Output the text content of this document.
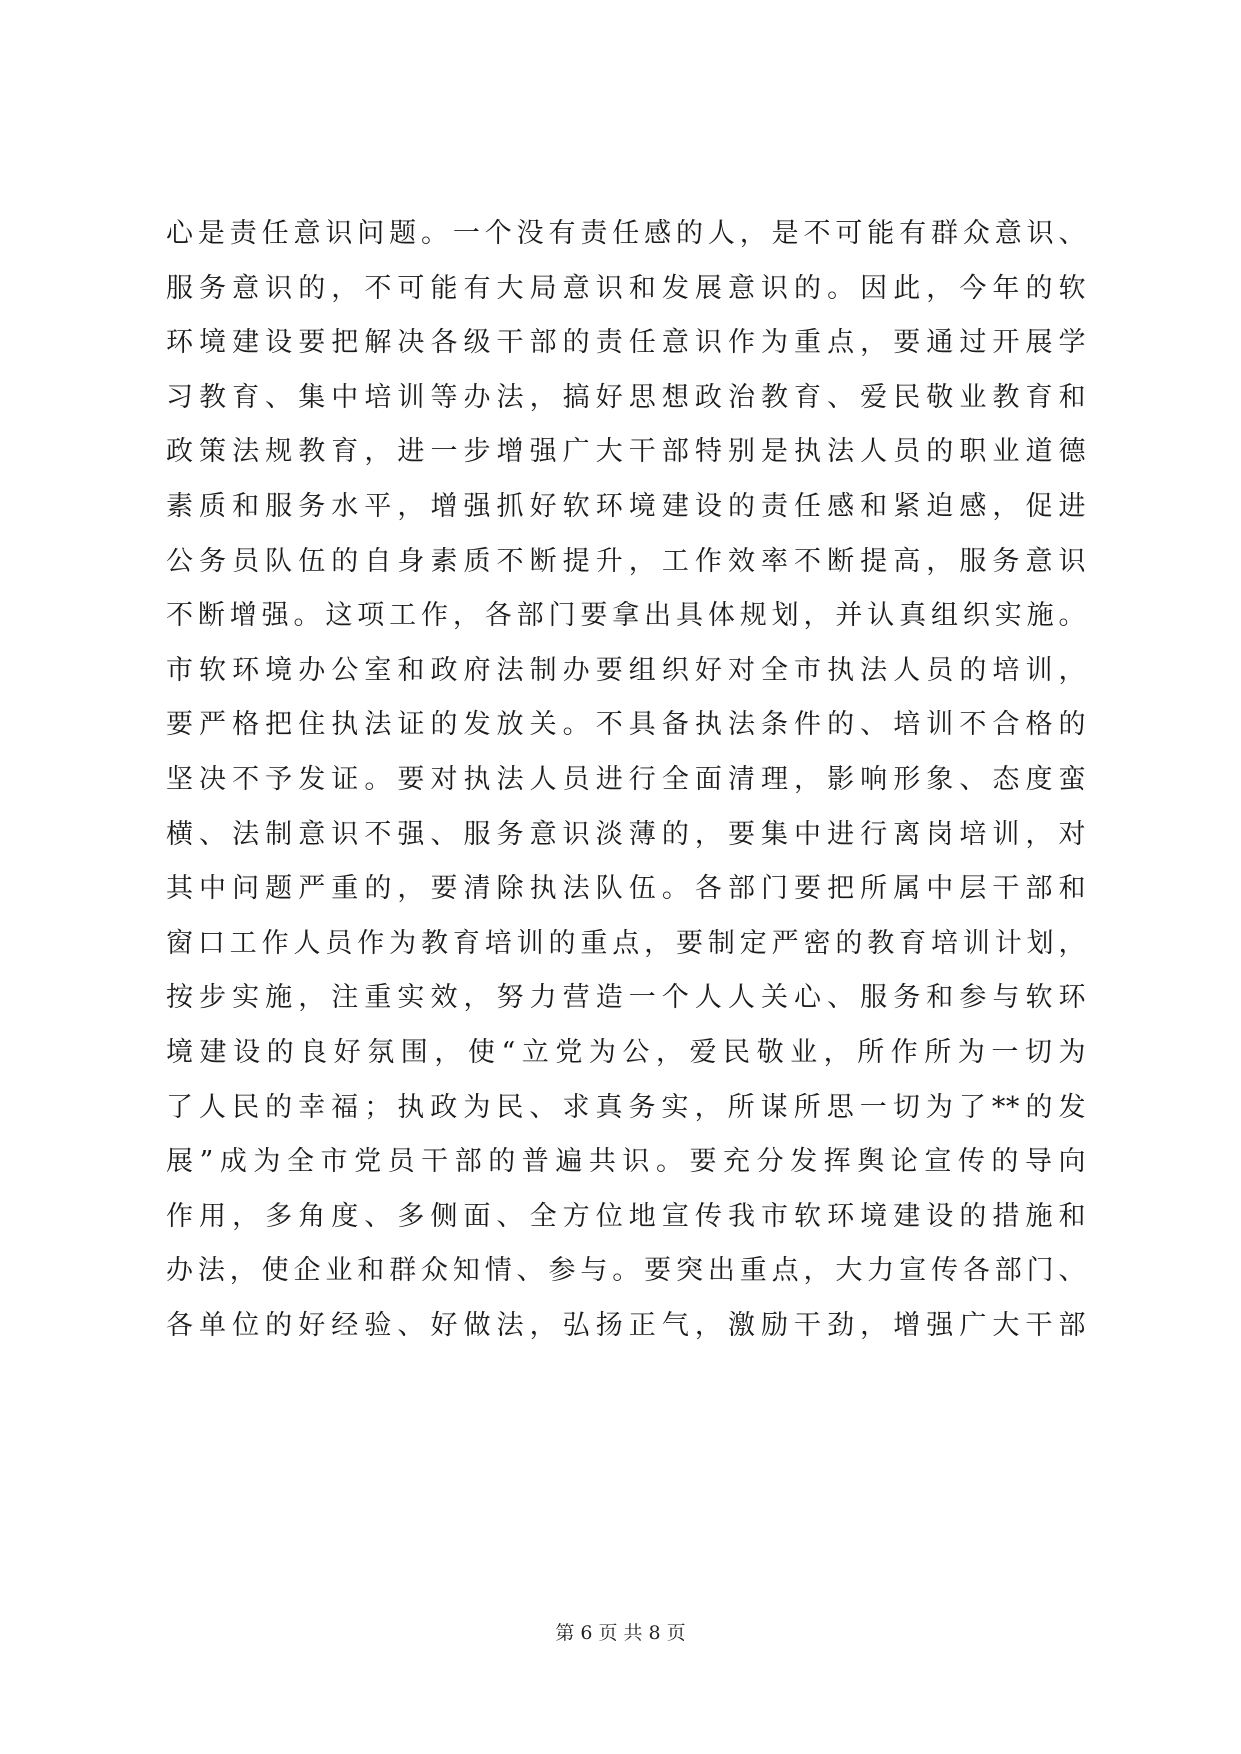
心是责任意识问题。一个没有责任感的人，是不可能有群众意识、
服务意识的，不可能有大局意识和发展意识的。因此，今年的软
环境建设要把解决各级干部的责任意识作为重点，要通过开展学
习教育、集中培训等办法，搞好思想政治教育、爱民敬业教育和
政策法规教育，进一步增强广大干部特别是执法人员的职业道德
素质和服务水平，增强抓好软环境建设的责任感和紧迫感，促进
公务员队伍的自身素质不断提升，工作效率不断提高，服务意识
不断增强。这项工作，各部门要拿出具体规划，并认真组织实施。
市软环境办公室和政府法制办要组织好对全市执法人员的培训，
要严格把住执法证的发放关。不具备执法条件的、培训不合格的
坚决不予发证。要对执法人员进行全面清理，影响形象、态度蛮
横、法制意识不强、服务意识淡薄的，要集中进行离岗培训，对
其中问题严重的，要清除执法队伍。各部门要把所属中层干部和
窗口工作人员作为教育培训的重点，要制定严密的教育培训计划，
按步实施，注重实效，努力营造一个人人关心、服务和参与软环
境建设的良好氛围，使“立党为公，爱民敬业，所作所为一切为
了人民的幸福；执政为民、求真务实，所谋所思一切为了**的发
展”成为全市党员干部的普遍共识。要充分发挥舆论宣传的导向
作用，多角度、多侧面、全方位地宣传我市软环境建设的措施和
办法，使企业和群众知情、参与。要突出重点，大力宣传各部门、
各单位的好经验、好做法，弘扬正气，激励干劲，增强广大干部
第 6 页 共 8 页
